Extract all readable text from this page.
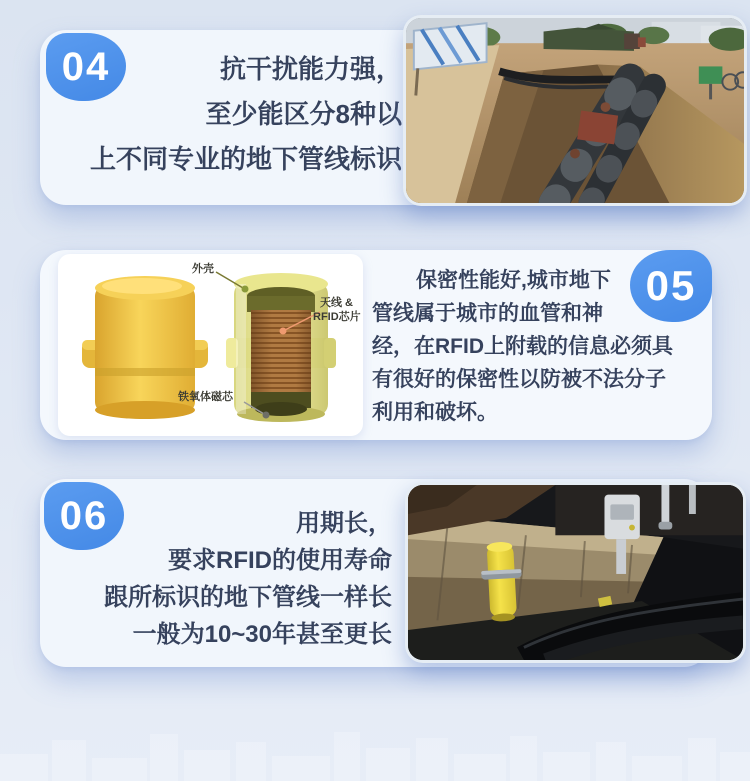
04	抗干扰能力强，
至少能区分8种以
上不同专业的地下管线标识
05
外壳
天线 &
RFID芯片
铁氧体磁芯
保密性能好,城市地下
管线属于城市的血管和神
经，在RFID上附载的信息必须具
有很好的保密性以防被不法分子
利用和破坏。
06	用期长，
要求RFID的使用寿命
跟所标识的地下管线一样长
一般为10~30年甚至更长
